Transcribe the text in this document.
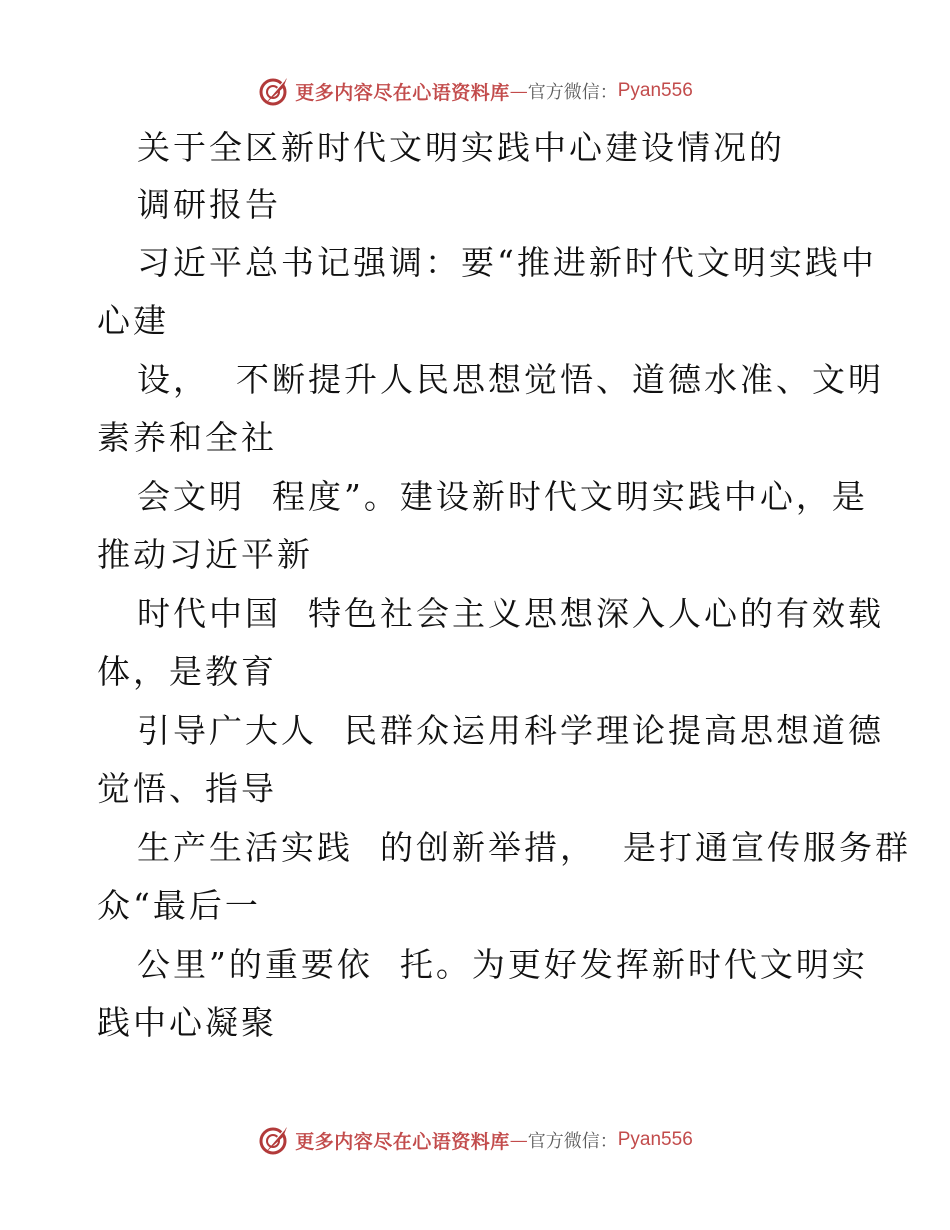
更多内容尽在心语资料库 — 官方微信： Pyan556
关于全区新时代文明实践中心建设情况的
调研报告
习近平总书记强调：要“推进新时代文明实践中
心建
设，  不断提升人民思想觉悟、道德水准、文明
素养和全社
会文明  程度”。建设新时代文明实践中心，是
推动习近平新
时代中国  特色社会主义思想深入人心的有效载
体，是教育
引导广大人  民群众运用科学理论提高思想道德
觉悟、指导
生产生活实践  的创新举措，  是打通宣传服务群
众“最后一
公里”的重要依  托。为更好发挥新时代文明实
践中心凝聚
更多内容尽在心语资料库 — 官方微信： Pyan556
